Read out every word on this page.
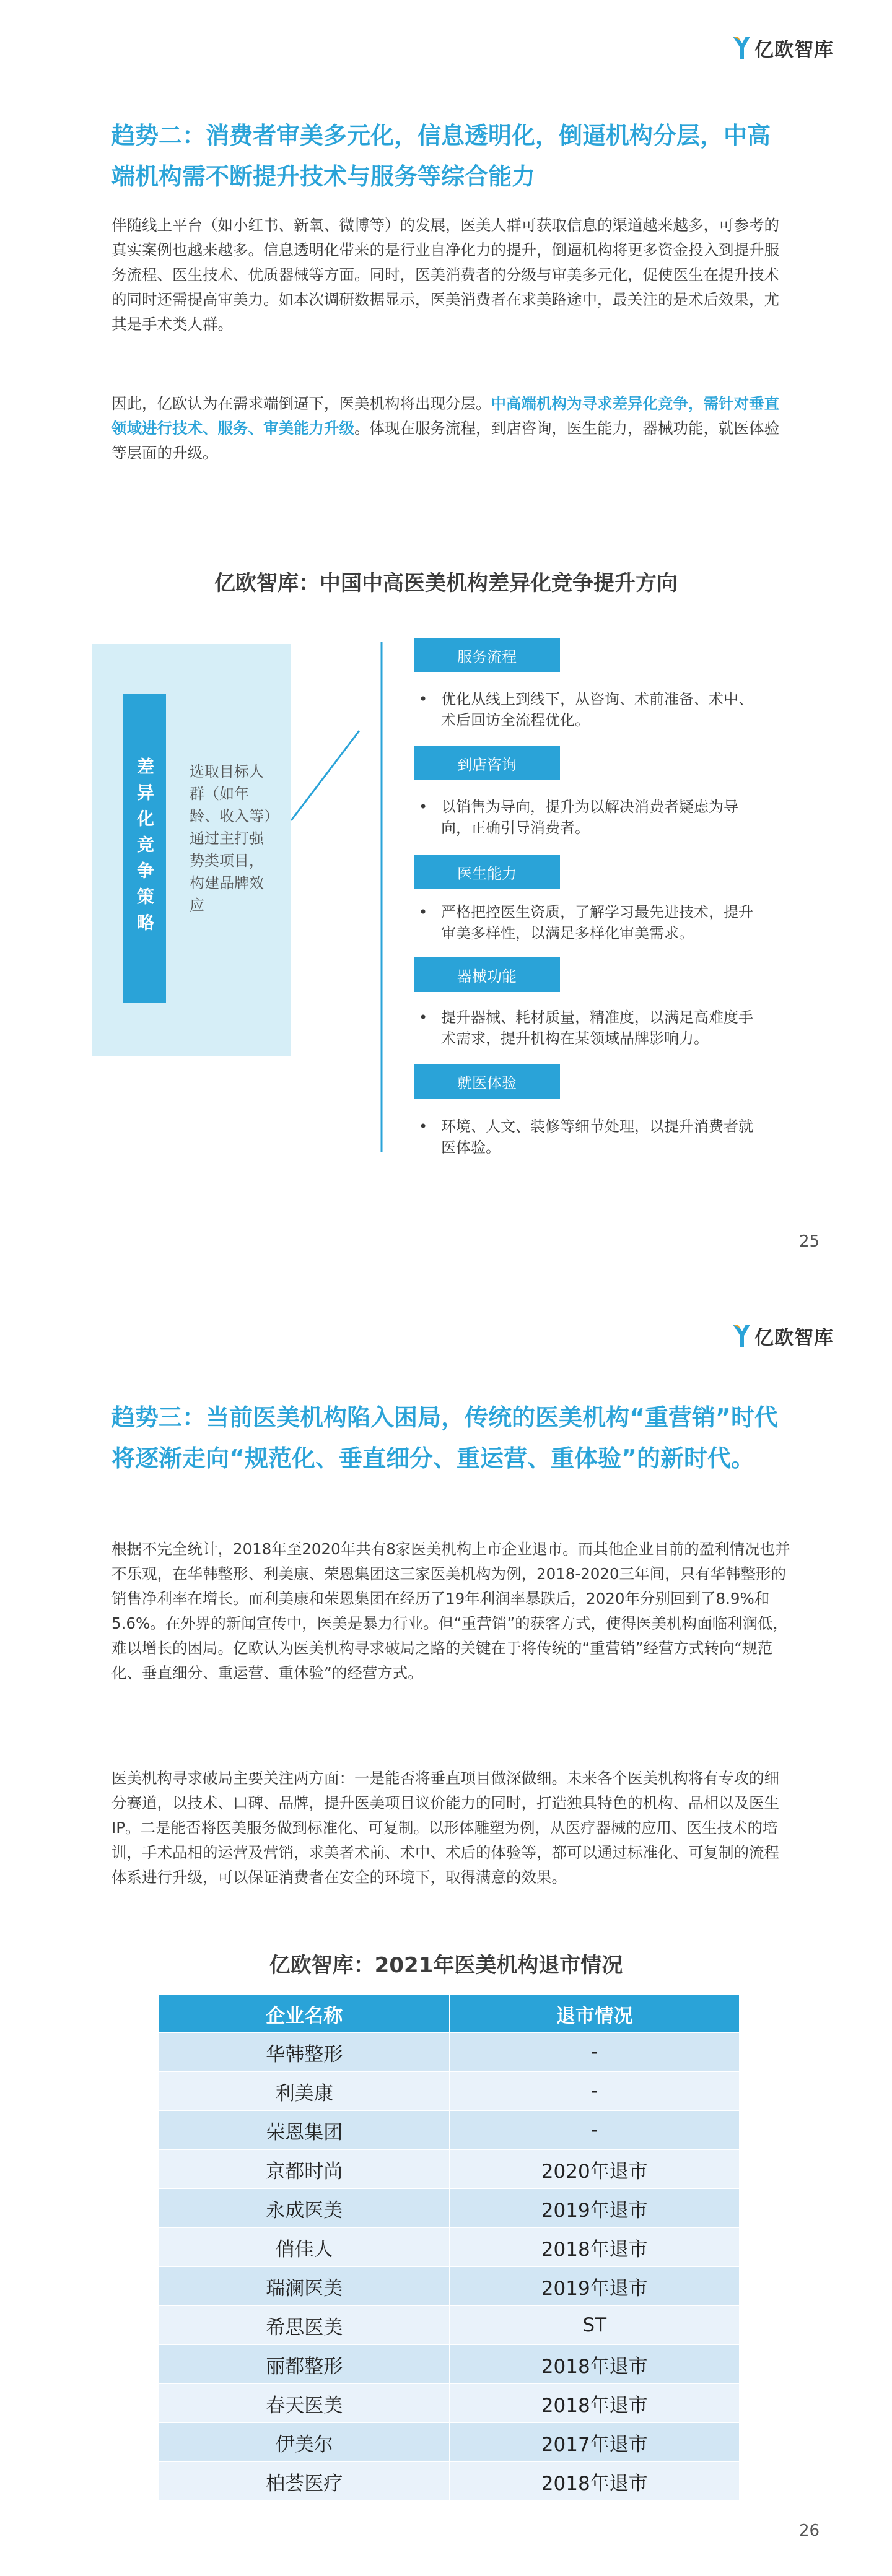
亿欧智库
趋势二：消费者审美多元化，信息透明化，倒逼机构分层，中高端机构需不断提升技术与服务等综合能力

伴随线上平台（如小红书、新氧、微博等）的发展，医美人群可获取信息的渠道越来越多，可参考的真实案例也越来越多。信息透明化带来的是行业自净化力的提升，倒逼机构将更多资金投入到提升服务流程、医生技术、优质器械等方面。同时，医美消费者的分级与审美多元化，促使医生在提升技术的同时还需提高审美力。如本次调研数据显示，医美消费者在求美路途中，最关注的是术后效果，尤其是手术类人群。

因此，亿欧认为在需求端倒逼下，医美机构将出现分层。中高端机构为寻求差异化竞争，需针对垂直领域进行技术、服务、审美能力升级。体现在服务流程，到店咨询，医生能力，器械功能，就医体验等层面的升级。

亿欧智库：中国中高医美机构差异化竞争提升方向
差异化竞争策略 选取目标人群（如年龄、收入等）通过主打强势类项目，构建品牌效应
服务流程
• 优化从线上到线下，从咨询、术前准备、术中、术后回访全流程优化。
到店咨询
• 以销售为导向，提升为以解决消费者疑虑为导向，正确引导消费者。
医生能力
• 严格把控医生资质，了解学习最先进技术，提升审美多样性，以满足多样化审美需求。
器械功能
• 提升器械、耗材质量，精准度，以满足高难度手术需求，提升机构在某领域品牌影响力。
就医体验
• 环境、人文、装修等细节处理，以提升消费者就医体验。
25
亿欧智库
趋势三：当前医美机构陷入困局，传统的医美机构“重营销”时代将逐渐走向“规范化、垂直细分、重运营、重体验”的新时代。

根据不完全统计，2018年至2020年共有8家医美机构上市企业退市。而其他企业目前的盈利情况也并不乐观，在华韩整形、利美康、荣恩集团这三家医美机构为例，2018-2020三年间，只有华韩整形的销售净利率在增长。而利美康和荣恩集团在经历了19年利润率暴跌后，2020年分别回到了8.9%和5.6%。在外界的新闻宣传中，医美是暴力行业。但“重营销”的获客方式，使得医美机构面临利润低，难以增长的困局。亿欧认为医美机构寻求破局之路的关键在于将传统的“重营销”经营方式转向“规范化、垂直细分、重运营、重体验”的经营方式。

医美机构寻求破局主要关注两方面：一是能否将垂直项目做深做细。未来各个医美机构将有专攻的细分赛道，以技术、口碑、品牌，提升医美项目议价能力的同时，打造独具特色的机构、品相以及医生IP。二是能否将医美服务做到标准化、可复制。以形体雕塑为例，从医疗器械的应用、医生技术的培训，手术品相的运营及营销，求美者术前、术中、术后的体验等，都可以通过标准化、可复制的流程体系进行升级，可以保证消费者在安全的环境下，取得满意的效果。

亿欧智库：2021年医美机构退市情况
26
企业名称	退市情况
华韩整形	-
利美康	-
荣恩集团	-
京都时尚	2020年退市
永成医美	2019年退市
俏佳人	2018年退市
瑞澜医美	2019年退市
希思医美	ST
丽都整形	2018年退市
春天医美	2018年退市
伊美尔	2017年退市
柏荟医疗	2018年退市
